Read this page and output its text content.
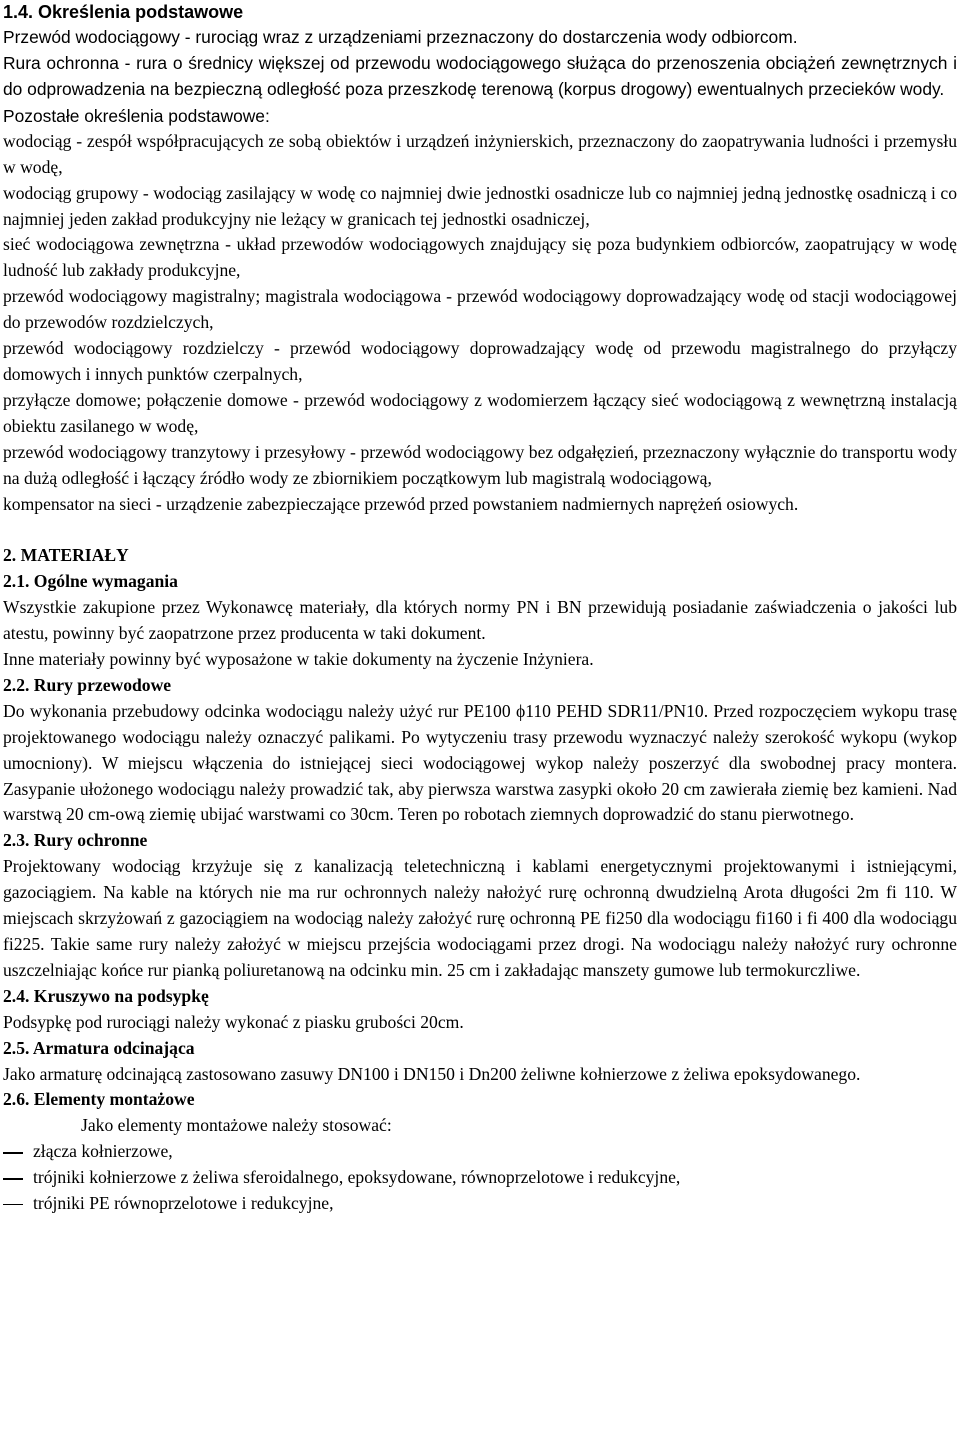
1.4. Określenia podstawowe
Przewód wodociągowy - rurociąg wraz z urządzeniami przeznaczony do dostarczenia wody odbiorcom.
Rura ochronna - rura o średnicy większej od przewodu wodociągowego służąca do przenoszenia obciążeń zewnętrznych i do odprowadzenia na bezpieczną odległość poza przeszkodę terenową (korpus drogowy) ewentualnych przecieków wody.
Pozostałe określenia podstawowe:

wodociąg - zespół współpracujących ze sobą obiektów i urządzeń inżynierskich, przeznaczony do zaopatrywania ludności i przemysłu w wodę,

wodociąg grupowy - wodociąg zasilający w wodę co najmniej dwie jednostki osadnicze lub co najmniej jedną jednostkę osadniczą i co najmniej jeden zakład produkcyjny nie leżący w granicach tej jednostki osadniczej,

sieć wodociągowa zewnętrzna - układ przewodów wodociągowych znajdujący się poza budynkiem odbiorców, zaopatrujący w wodę ludność lub zakłady produkcyjne,

przewód wodociągowy magistralny; magistrala wodociągowa - przewód wodociągowy doprowadzający wodę od stacji wodociągowej do przewodów rozdzielczych,

przewód wodociągowy rozdzielczy - przewód wodociągowy doprowadzający wodę od przewodu magistralnego do przyłączy domowych i innych punktów czerpalnych,

przyłącze domowe; połączenie domowe - przewód wodociągowy z wodomierzem łączący sieć wodociągową z wewnętrzną instalacją obiektu zasilanego w wodę,

przewód wodociągowy tranzytowy i przesyłowy - przewód wodociągowy bez odgałęzień, przeznaczony wyłącznie do transportu wody na dużą odległość i łączący źródło wody ze zbiornikiem początkowym lub magistralą wodociągową,

kompensator na sieci - urządzenie zabezpieczające przewód przed powstaniem nadmiernych naprężeń osiowych.

2. MATERIAŁY

2.1. Ogólne wymagania

Wszystkie zakupione przez Wykonawcę materiały, dla których normy PN i BN przewidują posiadanie zaświadczenia o jakości lub atestu, powinny być zaopatrzone przez producenta w taki dokument.

Inne materiały powinny być wyposażone w takie dokumenty na życzenie Inżyniera.

2.2. Rury przewodowe

Do wykonania przebudowy odcinka wodociągu należy użyć rur PE100 ϕ110 PEHD SDR11/PN10. Przed rozpoczęciem wykopu trasę projektowanego wodociągu należy oznaczyć palikami. Po wytyczeniu trasy przewodu wyznaczyć należy szerokość wykopu (wykop umocniony). W miejscu włączenia do istniejącej sieci wodociągowej wykop należy poszerzyć dla swobodnej pracy montera. Zasypanie ułożonego wodociągu należy prowadzić tak, aby pierwsza warstwa zasypki około 20 cm zawierała ziemię bez kamieni. Nad warstwą 20 cm-ową ziemię ubijać warstwami co 30cm. Teren po robotach ziemnych doprowadzić do stanu pierwotnego.

2.3. Rury ochronne

Projektowany wodociąg krzyżuje się z kanalizacją teletechniczną i kablami energetycznymi projektowanymi i istniejącymi, gazociągiem. Na kable na których nie ma rur ochronnych należy nałożyć rurę ochronną dwudzielną Arota długości 2m fi 110. W miejscach skrzyżowań z gazociągiem na wodociąg należy założyć rurę ochronną PE fi250 dla wodociągu fi160 i fi 400 dla wodociągu fi225. Takie same rury należy założyć w miejscu przejścia wodociągami przez drogi. Na wodociągu należy nałożyć rury ochronne uszczelniając końce rur pianką poliuretanową na odcinku min. 25 cm i zakładając manszety gumowe lub termokurczliwe.

2.4. Kruszywo na podsypkę

Podsypkę pod rurociągi należy wykonać z piasku grubości 20cm.

2.5. Armatura odcinająca

Jako armaturę odcinającą zastosowano zasuwy DN100 i DN150 i Dn200 żeliwne kołnierzowe z żeliwa epoksydowanego.

2.6. Elementy montażowe

Jako elementy montażowe należy stosować:

złącza kołnierzowe,
trójniki kołnierzowe z żeliwa sferoidalnego, epoksydowane, równoprzelotowe i redukcyjne,
trójniki PE równoprzelotowe i redukcyjne,
